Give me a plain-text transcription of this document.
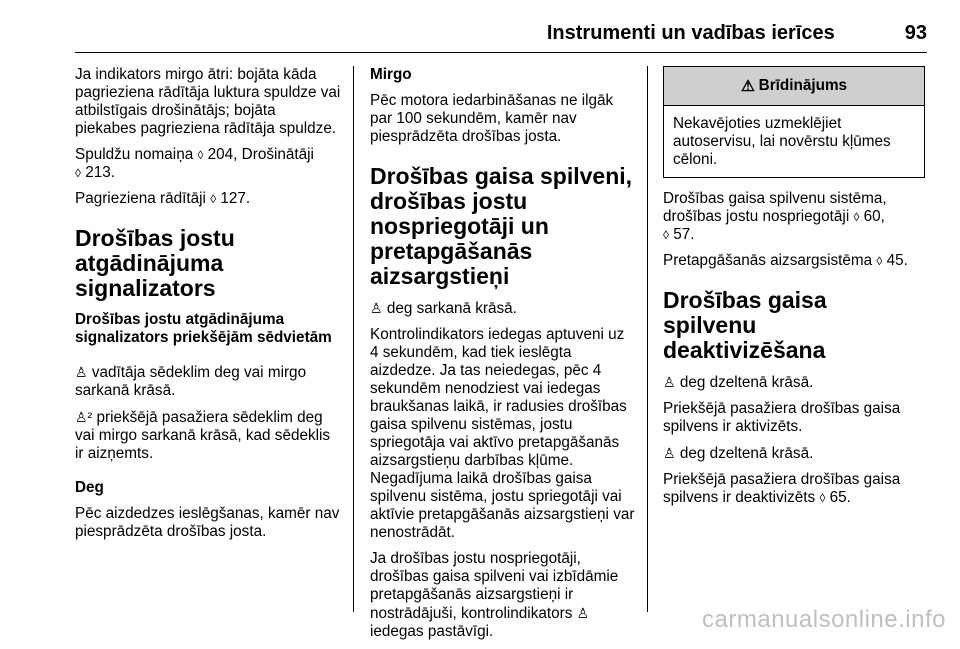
Instrumenti un vadības ierīces	93

Ja indikators mirgo ātri: bojāta kāda pagrieziena rādītāja luktura spuldze vai atbilstīgais drošinātājs; bojāta piekabes pagrieziena rādītāja spuldze.

Spuldžu nomaiņa ◊ 204, Drošinātāji
◊ 213.

Pagrieziena rādītāji ◊ 127.

Drošības jostu atgādinājuma signalizators
Drošības jostu atgādinājuma signalizators priekšējām sēdvietām

♙ vadītāja sēdeklim deg vai mirgo sarkanā krāsā.

♙² priekšējā pasažiera sēdeklim deg vai mirgo sarkanā krāsā, kad sēdeklis ir aizņemts.

Deg

Pēc aizdedzes ieslēgšanas, kamēr nav piesprādzēta drošības josta.

Mirgo

Pēc motora iedarbināšanas ne ilgāk par 100 sekundēm, kamēr nav piesprādzēta drošības josta.

Drošības gaisa spilveni, drošības jostu nospriegotāji un pretapgāšanās aizsargstieņi

♙ deg sarkanā krāsā.

Kontrolindikators iedegas aptuveni uz 4 sekundēm, kad tiek ieslēgta aizdedze. Ja tas neiedegas, pēc 4 sekundēm nenodziest vai iedegas braukšanas laikā, ir radusies drošības gaisa spilvenu sistēmas, jostu spriegotāja vai aktīvo pretapgāšanās aizsargstieņu darbības kļūme. Negadījuma laikā drošības gaisa spilvenu sistēma, jostu spriegotāji vai aktīvie pretapgāšanās aizsargstieņi var nenostrādāt.

Ja drošības jostu nospriegotāji, drošības gaisa spilveni vai izbīdāmie pretapgāšanās aizsargstieņi ir nostrādājuši, kontrolindikators ♙
iedegas pastāvīgi.

⚠ Brīdinājums
Nekavējoties uzmeklējiet autoservisu, lai novērstu kļūmes cēloni.

Drošības gaisa spilvenu sistēma, drošības jostu nospriegotāji ◊ 60,
◊ 57.

Pretapgāšanās aizsargsistēma ◊ 45.

Drošības gaisa spilvenu deaktivizēšana

♙ deg dzeltenā krāsā.

Priekšējā pasažiera drošības gaisa spilvens ir aktivizēts.

♙ deg dzeltenā krāsā.

Priekšējā pasažiera drošības gaisa spilvens ir deaktivizēts ◊ 65.

carmanualsonline.info
